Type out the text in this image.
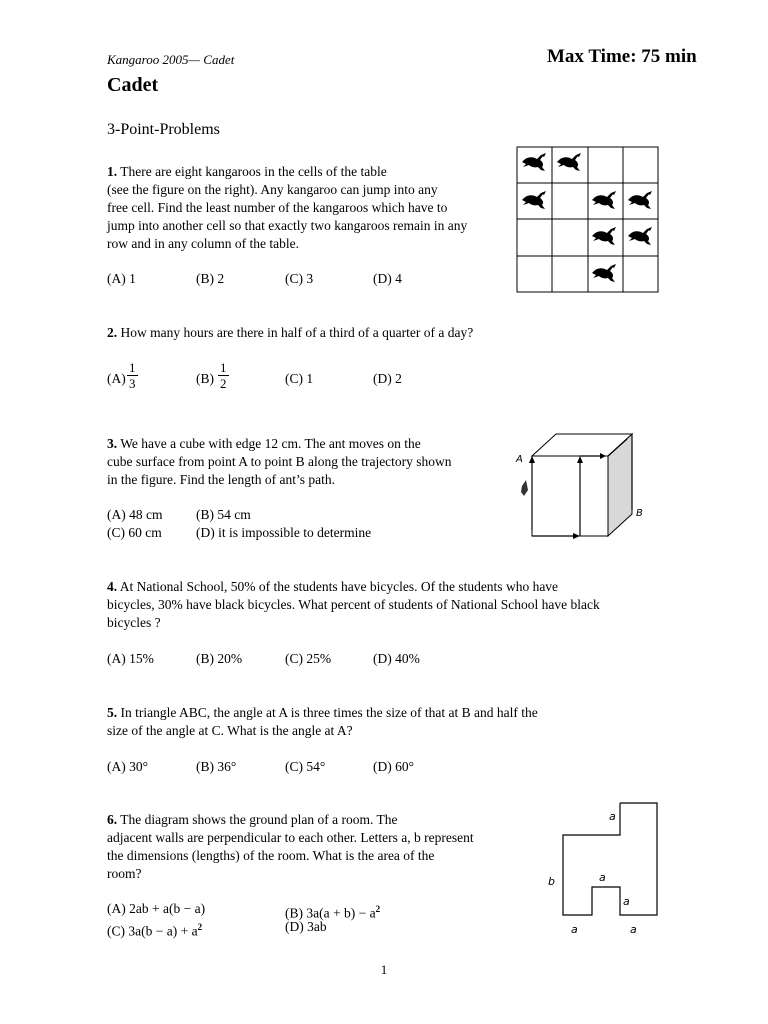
Kangaroo 2005— Cadet	Max Time: 75 min
Cadet
3-Point-Problems
1. There are eight kangaroos in the cells of the table
(see the figure on the right). Any kangaroo can jump into any
free cell. Find the least number of the kangaroos which have to
jump into another cell so that exactly two kangaroos remain in any
row and in any column of the table.
(A) 1	(B) 2	(C) 3	(D) 4
2. How many hours are there in half of a third of a quarter of a day?
$(A) \frac{1}{3}$	$(B) \frac{1}{2}$	(C) 1	(D) 2
3. We have a cube with edge 12 cm. The ant moves on the
cube surface from point A to point B along the trajectory shown
in the figure. Find the length of ant’s path.
(A) 48 cm (B) 54 cm
(C) 60 cm	(D) it is impossible to determine
A
B
4. At National School, 50% of the students have bicycles. Of the students who have
bicycles, 30% have black bicycles. What percent of students of National School have black
bicycles ?
(A) 15%	(B) 20%	(C) 25%	(D) 40%
5. In triangle ABC, the angle at A is three times the size of that at B and half the
size of the angle at C. What is the angle at A?
(A) 30°	(B) 36°	(C) 54°	(D) 60°
6. The diagram shows the ground plan of a room. The
adjacent walls are perpendicular to each other. Letters a, b represent
the dimensions (lengths) of the room. What is the area of the
room?
(A) 2ab + a(b − a)	(B) $3a(a + b) - a^2$
(C) $3a(b - a) + a^2$	(D) 3ab
a
b	a
a
a	a
1
